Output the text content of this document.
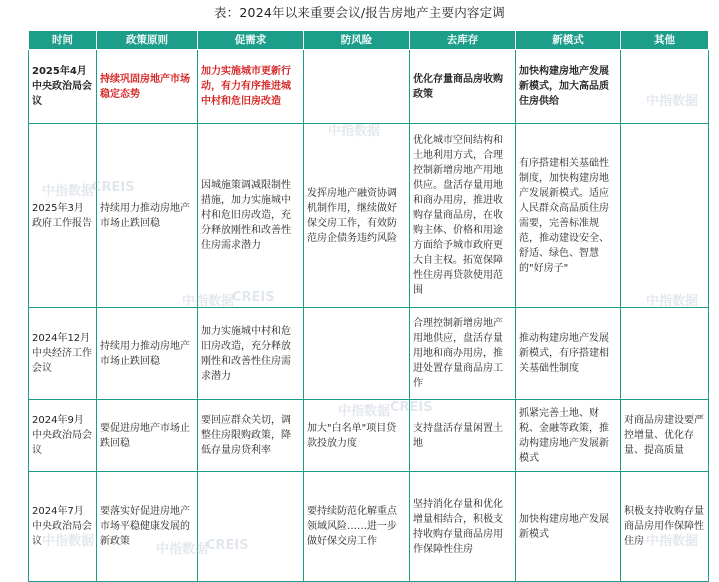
表：2024年以来重要会议/报告房地产主要内容定调
时间	政策原则	促需求	防风险	去库存	新模式	其他
2025年4月中央政治局会议	持续巩固房地产市场稳定态势	加力实施城市更新行动，有力有序推进城中村和危旧房改造		优化存量商品房收购政策	加快构建房地产发展新模式，加大高品质住房供给	
2025年3月政府工作报告	持续用力推动房地产市场止跌回稳	因城施策调减限制性措施，加力实施城中村和危旧房改造，充分释放刚性和改善性住房需求潜力	发挥房地产融资协调机制作用，继续做好保交房工作，有效防范房企债务违约风险	优化城市空间结构和土地利用方式，合理控制新增房地产用地供应。盘活存量用地和商办用房，推进收购存量商品房，在收购主体、价格和用途方面给予城市政府更大自主权。拓宽保障性住房再贷款使用范围	有序搭建相关基础性制度，加快构建房地产发展新模式。适应人民群众高品质住房需要，完善标准规范，推动建设安全、舒适、绿色、智慧的"好房子"	
2024年12月中央经济工作会议	持续用力推动房地产市场止跌回稳	加力实施城中村和危旧房改造，充分释放刚性和改善性住房需求潜力		合理控制新增房地产用地供应，盘活存量用地和商办用房，推进处置存量商品房工作	推动构建房地产发展新模式，有序搭建相关基础性制度	
2024年9月中央政治局会议	要促进房地产市场止跌回稳	要回应群众关切，调整住房限购政策，降低存量房贷利率	加大"白名单"项目贷款投放力度	支持盘活存量闲置土地	抓紧完善土地、财税、金融等政策，推动构建房地产发展新模式	对商品房建设要严控增量、优化存量、提高质量
2024年7月中央政治局会议	要落实好促进房地产市场平稳健康发展的新政策		要持续防范化解重点领域风险……进一步做好保交房工作	坚持消化存量和优化增量相结合，积极支持收购存量商品房用作保障性住房	加快构建房地产发展新模式	积极支持收购存量商品房用作保障性住房
中指数据
中指数据
中指数据
CREIS
CREIS
中指数据
中指数据 CREIS
中指数据
中指数据	CREIS
中指数据
中指数据
